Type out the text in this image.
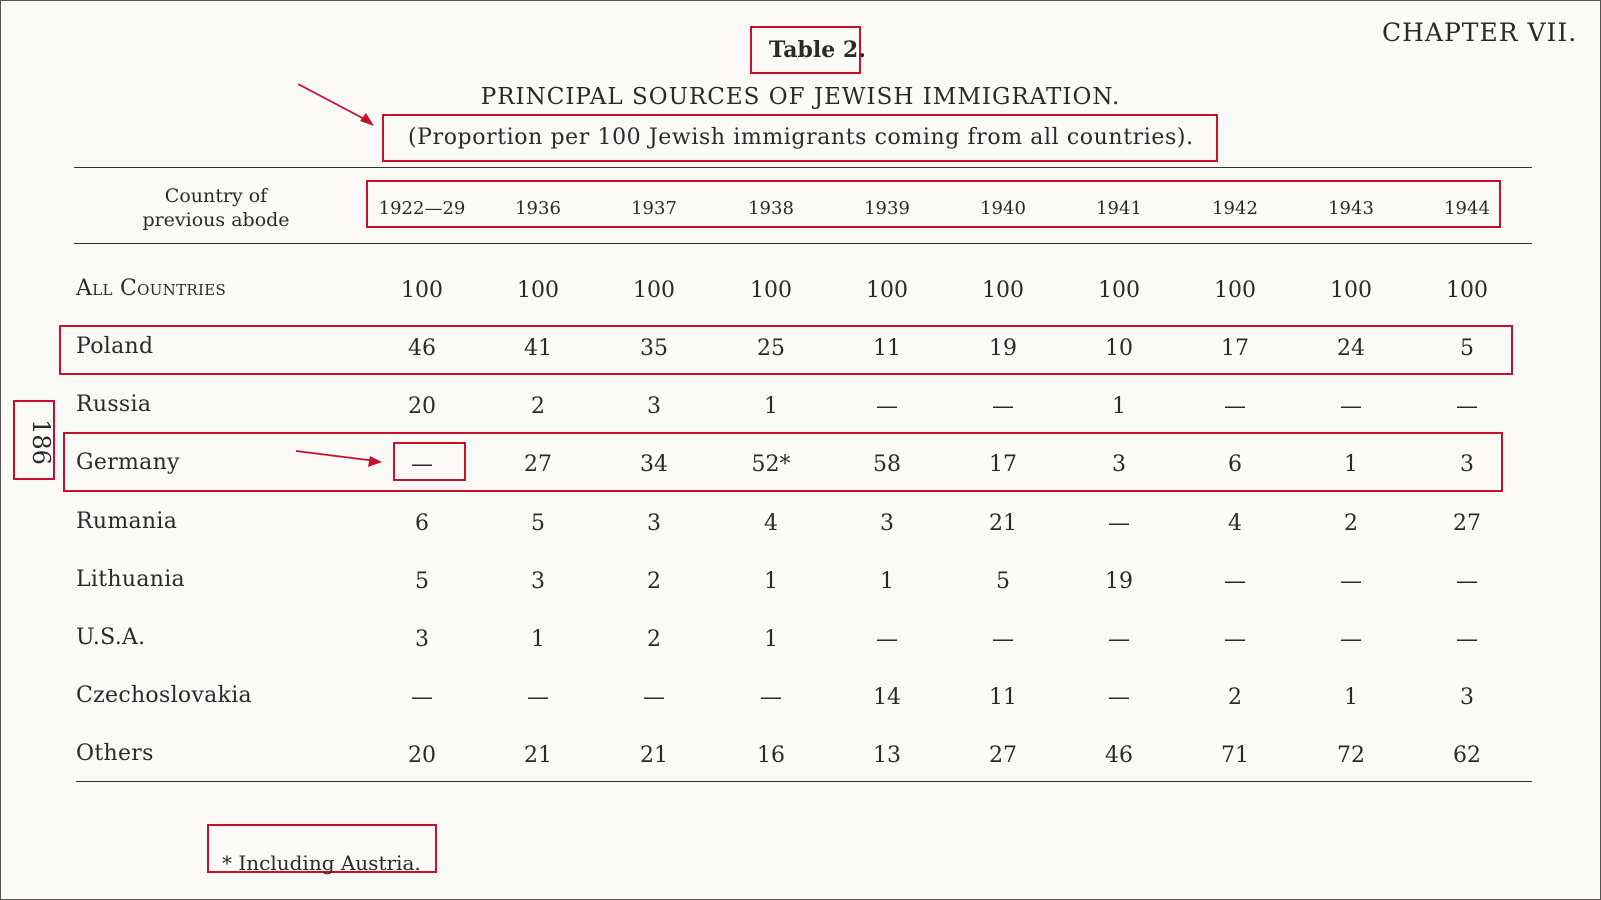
CHAPTER VII.
Table 2.
PRINCIPAL SOURCES OF JEWISH IMMIGRATION.
(Proportion per 100 Jewish immigrants coming from all countries).
186
Country of
previous abode
1922—29	1936	1937	1938	1939	1940	1941	1942	1943	1944
All Countries	100	100	100	100	100	100	100	100	100	100
Poland	46	41	35	25	11	19	10	17	24	5
Russia	20	2	3	1	—	—	1	—	—	—
Germany	—	27	34	52*	58	17	3	6	1	3
Rumania	6	5	3	4	3	21	—	4	2	27
Lithuania	5	3	2	1	1	5	19	—	—	—
U.S.A.	3	1	2	1	—	—	—	—	—	—
Czechoslovakia	—	—	—	—	14	11	—	2	1	3
Others	20	21	21	16	13	27	46	71	72	62
* Including Austria.
